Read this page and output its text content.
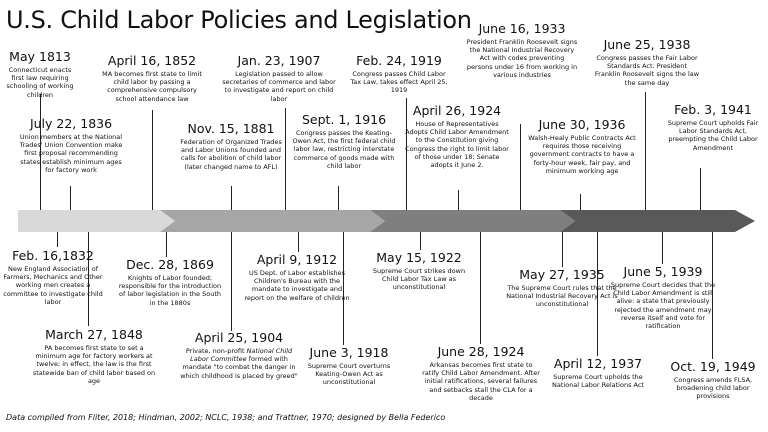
U.S. Child Labor Policies and Legislation
May 1813
Connecticut enacts first law requiring schooling of working children
July 22, 1836
Union members at the National Trades' Union Convention make first proposal recommending states establish minimum ages for factory work
April 16, 1852
MA becomes first state to limit child labor by passing a comprehensive compulsory school attendance law
Nov. 15, 1881
Federation of Organized Trades and Labor Unions founded and calls for abolition of child labor (later changed name to AFL)
Jan. 23, 1907
Legislation passed to allow secretaries of commerce and labor to investigate and report on child labor
Sept. 1, 1916
Congress passes the Keating-Owen Act, the first federal child labor law, restricting interstate commerce of goods made with child labor
Feb. 24, 1919
Congress passes Child Labor Tax Law, takes effect April 25, 1919
April 26, 1924
House of Representatives Adopts Child Labor Amendment to the Constitution giving Congress the right to limit labor of those under 18; Senate adopts it June 2.
June 16, 1933
President Franklin Roosevelt signs the National Industrial Recovery Act with codes preventing persons under 16 from working in various industries
June 30, 1936
Walsh-Healy Public Contracts Act requires those receiving government contracts to have a forty-hour week, fair pay, and minimum working age
June 25, 1938
Congress passes the Fair Labor Standards Act. President Franklin Roosevelt signs the law the same day
Feb. 3, 1941
Supreme Court upholds Fair Labor Standards Act, preempting the Child Labor Amendment
Feb. 16,1832
New England Association of Farmers, Mechanics and Other working men creates a committee to investigate child labor
March 27, 1848
PA becomes first state to set a minimum age for factory workers at twelve; in effect, the law is the first statewide ban of child labor based on age
Dec. 28, 1869
Knights of Labor founded; responsible for the introduction of labor legislation in the South in the 1880s
April 25, 1904
Private, non-profit National Child Labor Committee formed with mandate "to combat the danger in which childhood is placed by greed"
April 9, 1912
US Dept. of Labor establishes Children's Bureau with the mandate to investigate and report on the welfare of children
June 3, 1918
Supreme Court overturns Keating-Owen Act as unconstitutional
May 15, 1922
Supreme Court strikes down Child Labor Tax Law as unconstitutional
June 28, 1924
Arkansas becomes first state to ratify Child Labor Amendment. After initial ratifications, several failures and setbacks stall the CLA for a decade
May 27, 1935
The Supreme Court rules that the National Industrial Recovery Act is unconstitutional
April 12, 1937
Supreme Court upholds the National Labor Relations Act
June 5, 1939
Supreme Court decides that the Child Labor Amendment is still alive: a state that previously rejected the amendment may reverse itself and vote for ratification
Oct. 19, 1949
Congress amends FLSA, broadening child labor provisions
Data compiled from Fliter, 2018; Hindman, 2002; NCLC, 1938; and Trattner, 1970; designed by Bella Federico
